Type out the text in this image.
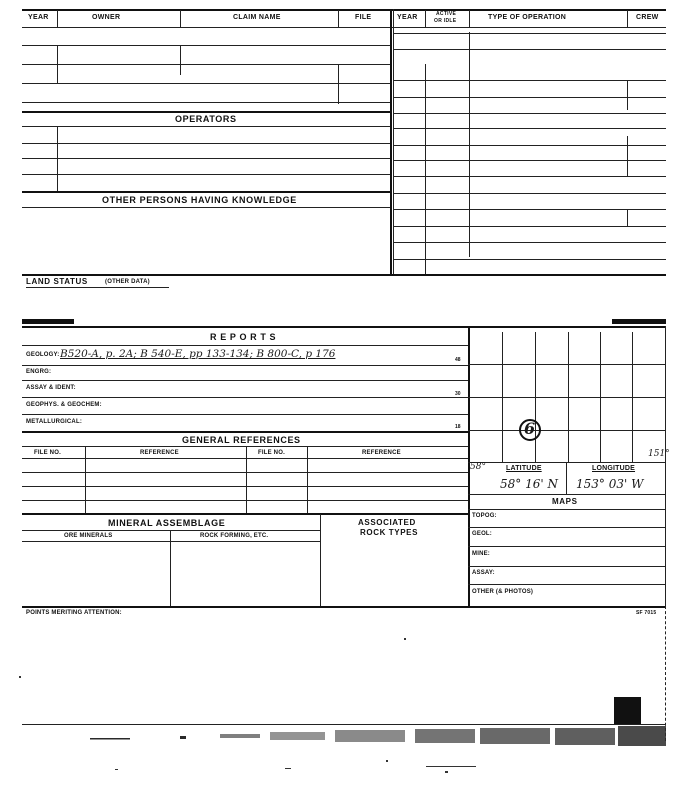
YEAR	OWNER	CLAIM NAME	FILE	YEAR	ACTIVE
OR IDLE	TYPE OF OPERATION	CREW
OPERATORS
OTHER PERSONS HAVING KNOWLEDGE
LAND STATUS	(OTHER DATA)
R E P O R T S
GEOLOGY: B520-A, p. 2A; B 540-E, pp 133-134; B 800-C, p 176	48
ENGRG:
ASSAY & IDENT:
30
GEOPHYS. & GEOCHEM:
METALLURGICAL:
18
GENERAL REFERENCES
FILE NO.	REFERENCE	FILE NO.	REFERENCE
MINERAL ASSEMBLAGE	ASSOCIATED
ROCK TYPES
ORE MINERALS	ROCK FORMING, ETC.
6
58°
151°
LATITUDE	LONGITUDE
58° 16' N 153° 03' W
MAPS
TOPOG:
GEOL:
MINE:
ASSAY:
OTHER (& PHOTOS)
POINTS MERITING ATTENTION:	SF 7015
